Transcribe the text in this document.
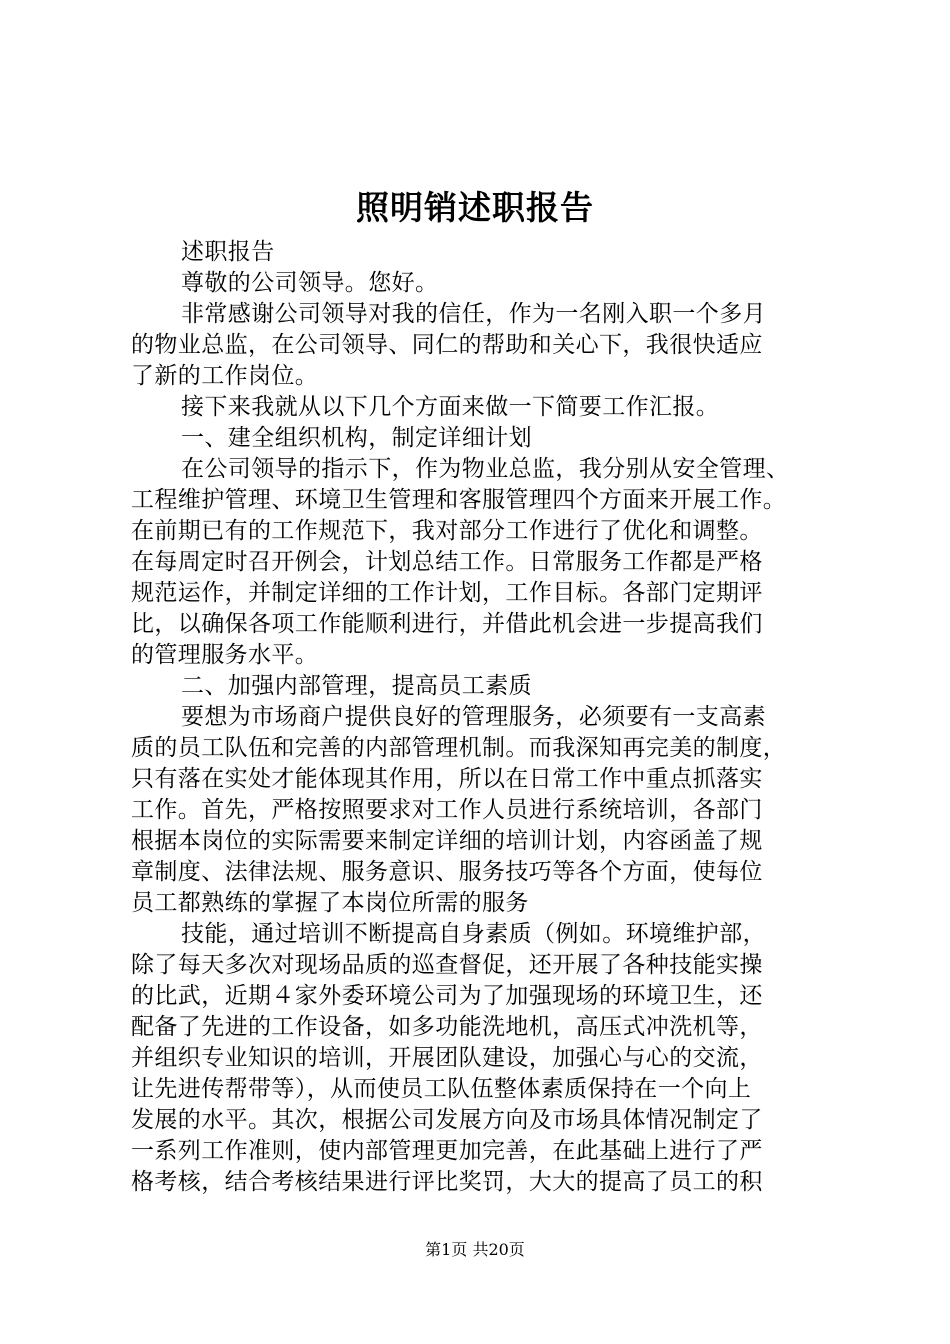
照明销述职报告
述职报告
尊敬的公司领导。您好。
非常感谢公司领导对我的信任，作为一名刚入职一个多月
的物业总监，在公司领导、同仁的帮助和关心下，我很快适应
了新的工作岗位。
接下来我就从以下几个方面来做一下简要工作汇报。
一、建全组织机构，制定详细计划
在公司领导的指示下，作为物业总监，我分别从安全管理、
工程维护管理、环境卫生管理和客服管理四个方面来开展工作。
在前期已有的工作规范下，我对部分工作进行了优化和调整。
在每周定时召开例会，计划总结工作。日常服务工作都是严格
规范运作，并制定详细的工作计划，工作目标。各部门定期评
比，以确保各项工作能顺利进行，并借此机会进一步提高我们
的管理服务水平。
二、加强内部管理，提高员工素质
要想为市场商户提供良好的管理服务，必须要有一支高素
质的员工队伍和完善的内部管理机制。而我深知再完美的制度，
只有落在实处才能体现其作用，所以在日常工作中重点抓落实
工作。首先，严格按照要求对工作人员进行系统培训，各部门
根据本岗位的实际需要来制定详细的培训计划，内容函盖了规
章制度、法律法规、服务意识、服务技巧等各个方面，使每位
员工都熟练的掌握了本岗位所需的服务
技能，通过培训不断提高自身素质（例如。环境维护部，
除了每天多次对现场品质的巡查督促，还开展了各种技能实操
的比武，近期４家外委环境公司为了加强现场的环境卫生，还
配备了先进的工作设备，如多功能洗地机，高压式冲洗机等，
并组织专业知识的培训，开展团队建设，加强心与心的交流，
让先进传帮带等），从而使员工队伍整体素质保持在一个向上
发展的水平。其次，根据公司发展方向及市场具体情况制定了
一系列工作准则，使内部管理更加完善，在此基础上进行了严
格考核，结合考核结果进行评比奖罚，大大的提高了员工的积
第1页 共20页
